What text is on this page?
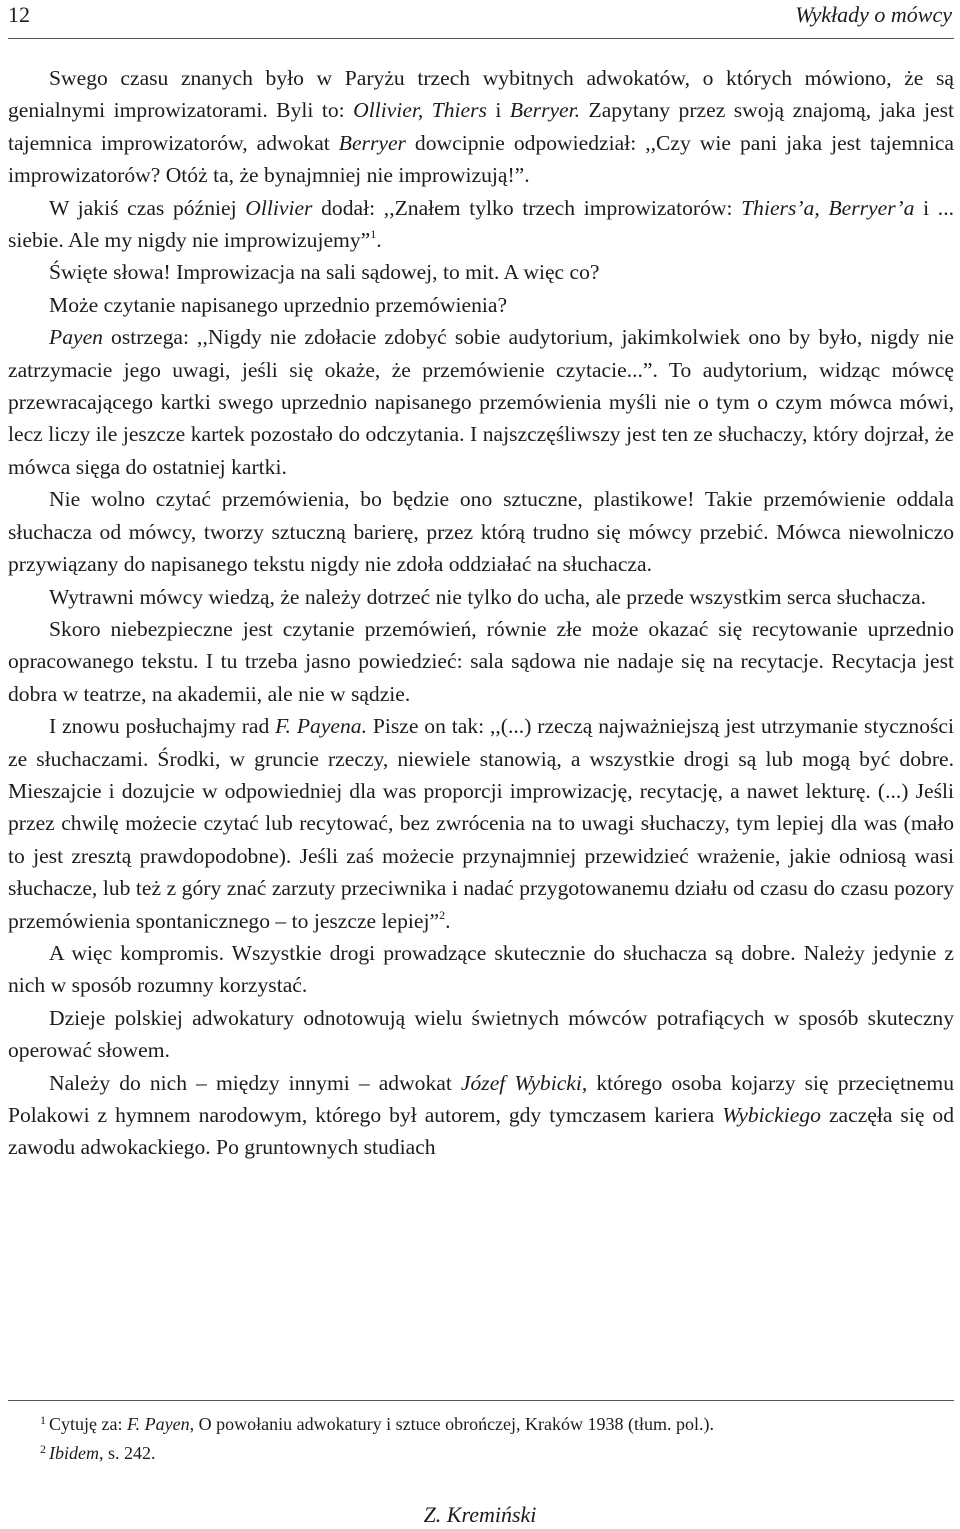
12	Wykłady o mówcy

Swego czasu znanych było w Paryżu trzech wybitnych adwokatów, o których mówiono, że są genialnymi improwizatorami. Byli to: Ollivier, Thiers i Berryer. Zapytany przez swoją znajomą, jaka jest tajemnica improwizatorów, adwokat Berryer dowcipnie odpowiedział: ,,Czy wie pani jaka jest tajemnica improwizatorów? Otóż ta, że bynajmniej nie improwizują!”.

W jakiś czas później Ollivier dodał: ,,Znałem tylko trzech improwizatorów: Thiers’a, Berryer’a i ... siebie. Ale my nigdy nie improwizujemy”$^1$.

Święte słowa! Improwizacja na sali sądowej, to mit. A więc co?

Może czytanie napisanego uprzednio przemówienia?

Payen ostrzega: ,,Nigdy nie zdołacie zdobyć sobie audytorium, jakimkolwiek ono by było, nigdy nie zatrzymacie jego uwagi, jeśli się okaże, że przemówienie czytacie...”. To audytorium, widząc mówcę przewracającego kartki swego uprzednio napisanego przemówienia myśli nie o tym o czym mówca mówi, lecz liczy ile jeszcze kartek pozostało do odczytania. I najszczęśliwszy jest ten ze słuchaczy, który dojrzał, że mówca sięga do ostatniej kartki.

Nie wolno czytać przemówienia, bo będzie ono sztuczne, plastikowe! Takie przemówienie oddala słuchacza od mówcy, tworzy sztuczną barierę, przez którą trudno się mówcy przebić. Mówca niewolniczo przywiązany do napisanego tekstu nigdy nie zdoła oddziałać na słuchacza.

Wytrawni mówcy wiedzą, że należy dotrzeć nie tylko do ucha, ale przede wszystkim serca słuchacza.

Skoro niebezpieczne jest czytanie przemówień, równie złe może okazać się recytowanie uprzednio opracowanego tekstu. I tu trzeba jasno powiedzieć: sala sądowa nie nadaje się na recytacje. Recytacja jest dobra w teatrze, na akademii, ale nie w sądzie.

I znowu posłuchajmy rad F. Payena. Pisze on tak: ,,(...) rzeczą najważniejszą jest utrzymanie styczności ze słuchaczami. Środki, w gruncie rzeczy, niewiele stanowią, a wszystkie drogi są lub mogą być dobre. Mieszajcie i dozujcie w odpowiedniej dla was proporcji improwizację, recytację, a nawet lekturę. (...) Jeśli przez chwilę możecie czytać lub recytować, bez zwrócenia na to uwagi słuchaczy, tym lepiej dla was (mało to jest zresztą prawdopodobne). Jeśli zaś możecie przynajmniej przewidzieć wrażenie, jakie odniosą wasi słuchacze, lub też z góry znać zarzuty przeciwnika i nadać przygotowanemu działu od czasu do czasu pozory przemówienia spontanicznego – to jeszcze lepiej”$^2$.

A więc kompromis. Wszystkie drogi prowadzące skutecznie do słuchacza są dobre. Należy jedynie z nich w sposób rozumny korzystać.

Dzieje polskiej adwokatury odnotowują wielu świetnych mówców potrafiących w sposób skuteczny operować słowem.

Należy do nich – między innymi – adwokat Józef Wybicki, którego osoba kojarzy się przeciętnemu Polakowi z hymnem narodowym, którego był autorem, gdy tymczasem kariera Wybickiego zaczęła się od zawodu adwokackiego. Po gruntownych studiach

1 Cytuję za: F. Payen, O powołaniu adwokatury i sztuce obrończej, Kraków 1938 (tłum. pol.).

2 Ibidem, s. 242.

Z. Kremiński
